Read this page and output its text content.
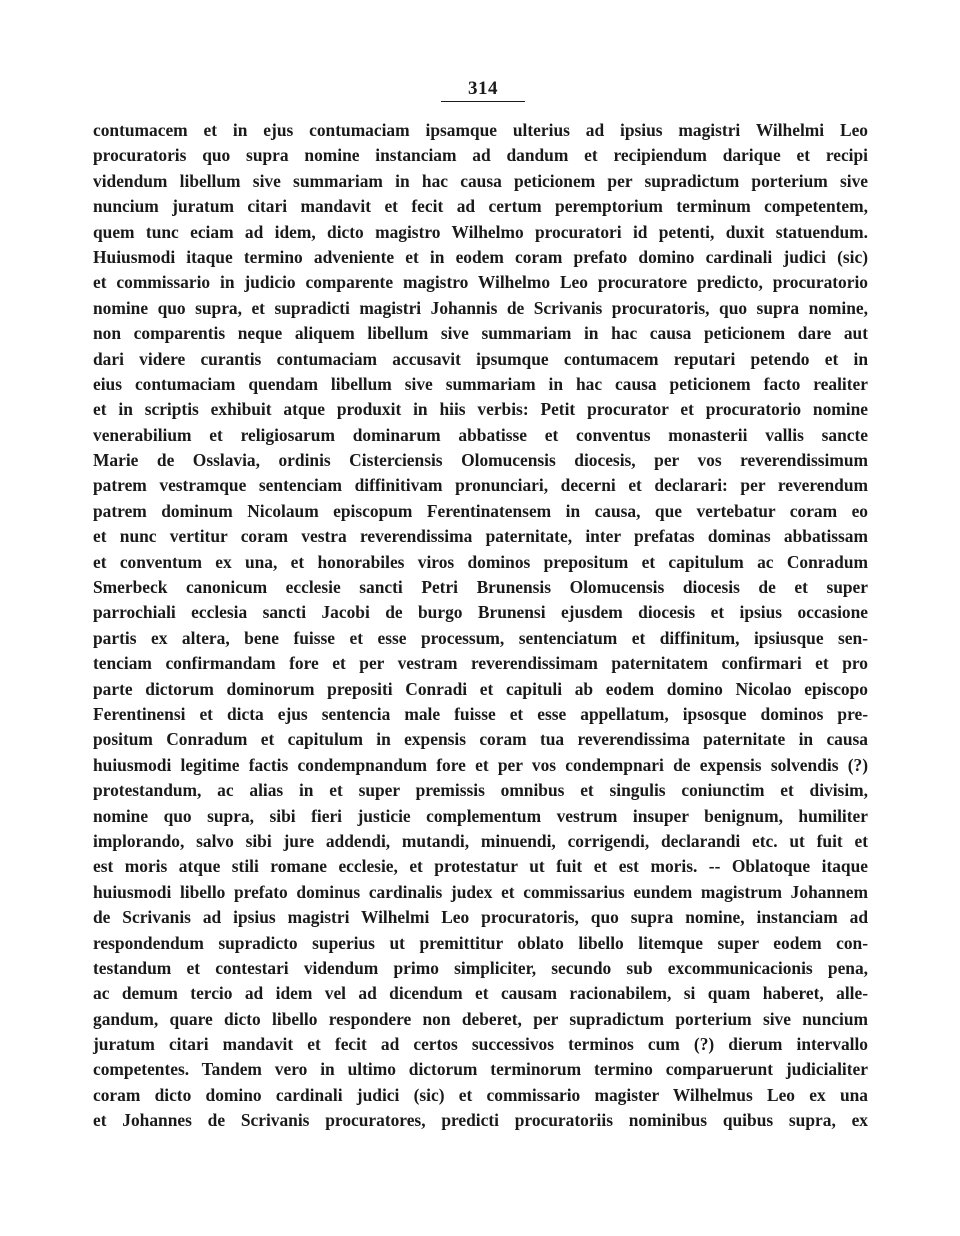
314
contumacem et in ejus contumaciam ipsamque ulterius ad ipsius magistri Wilhelmi Leo
procuratoris quo supra nomine instanciam ad dandum et recipiendum darique et recipi
videndum libellum sive summariam in hac causa peticionem per supradictum porterium sive
nuncium juratum citari mandavit et fecit ad certum peremptorium terminum competentem,
quem tunc eciam ad idem, dicto magistro Wilhelmo procuratori id petenti, duxit statuendum.
Huiusmodi itaque termino adveniente et in eodem coram prefato domino cardinali judici (sic)
et commissario in judicio comparente magistro Wilhelmo Leo procuratore predicto, procuratorio
nomine quo supra, et supradicti magistri Johannis de Scrivanis procuratoris, quo supra nomine,
non comparentis neque aliquem libellum sive summariam in hac causa peticionem dare aut
dari videre curantis contumaciam accusavit ipsumque contumacem reputari petendo et in
eius contumaciam quendam libellum sive summariam in hac causa peticionem facto realiter
et in scriptis exhibuit atque produxit in hiis verbis: Petit procurator et procuratorio nomine
venerabilium et religiosarum dominarum abbatisse et conventus monasterii vallis sancte
Marie de Osslavia, ordinis Cisterciensis Olomucensis diocesis, per vos reverendissimum
patrem vestramque sentenciam diffinitivam pronunciari, decerni et declarari: per reverendum
patrem dominum Nicolaum episcopum Ferentinatensem in causa, que vertebatur coram eo
et nunc vertitur coram vestra reverendissima paternitate, inter prefatas dominas abbatissam
et conventum ex una, et honorabiles viros dominos prepositum et capitulum ac Conradum
Smerbeck canonicum ecclesie sancti Petri Brunensis Olomucensis diocesis de et super
parrochiali ecclesia sancti Jacobi de burgo Brunensi ejusdem diocesis et ipsius occasione
partis ex altera, bene fuisse et esse processum, sentenciatum et diffinitum, ipsiusque sen-
tenciam confirmandam fore et per vestram reverendissimam paternitatem confirmari et pro
parte dictorum dominorum prepositi Conradi et capituli ab eodem domino Nicolao episcopo
Ferentinensi et dicta ejus sentencia male fuisse et esse appellatum, ipsosque dominos pre-
positum Conradum et capitulum in expensis coram tua reverendissima paternitate in causa
huiusmodi legitime factis condempnandum fore et per vos condempnari de expensis solvendis (?)
protestandum, ac alias in et super premissis omnibus et singulis coniunctim et divisim,
nomine quo supra, sibi fieri justicie complementum vestrum insuper benignum, humiliter
implorando, salvo sibi jure addendi, mutandi, minuendi, corrigendi, declarandi etc. ut fuit et
est moris atque stili romane ecclesie, et protestatur ut fuit et est moris. -- Oblatoque itaque
huiusmodi libello prefato dominus cardinalis judex et commissarius eundem magistrum Johannem
de Scrivanis ad ipsius magistri Wilhelmi Leo procuratoris, quo supra nomine, instanciam ad
respondendum supradicto superius ut premittitur oblato libello litemque super eodem con-
testandum et contestari videndum primo simpliciter, secundo sub excommunicacionis pena,
ac demum tercio ad idem vel ad dicendum et causam racionabilem, si quam haberet, alle-
gandum, quare dicto libello respondere non deberet, per supradictum porterium sive nuncium
juratum citari mandavit et fecit ad certos successivos terminos cum (?) dierum intervallo
competentes. Tandem vero in ultimo dictorum terminorum termino comparuerunt judicialiter
coram dicto domino cardinali judici (sic) et commissario magister Wilhelmus Leo ex una
et Johannes de Scrivanis procuratores, predicti procuratoriis nominibus quibus supra, ex
